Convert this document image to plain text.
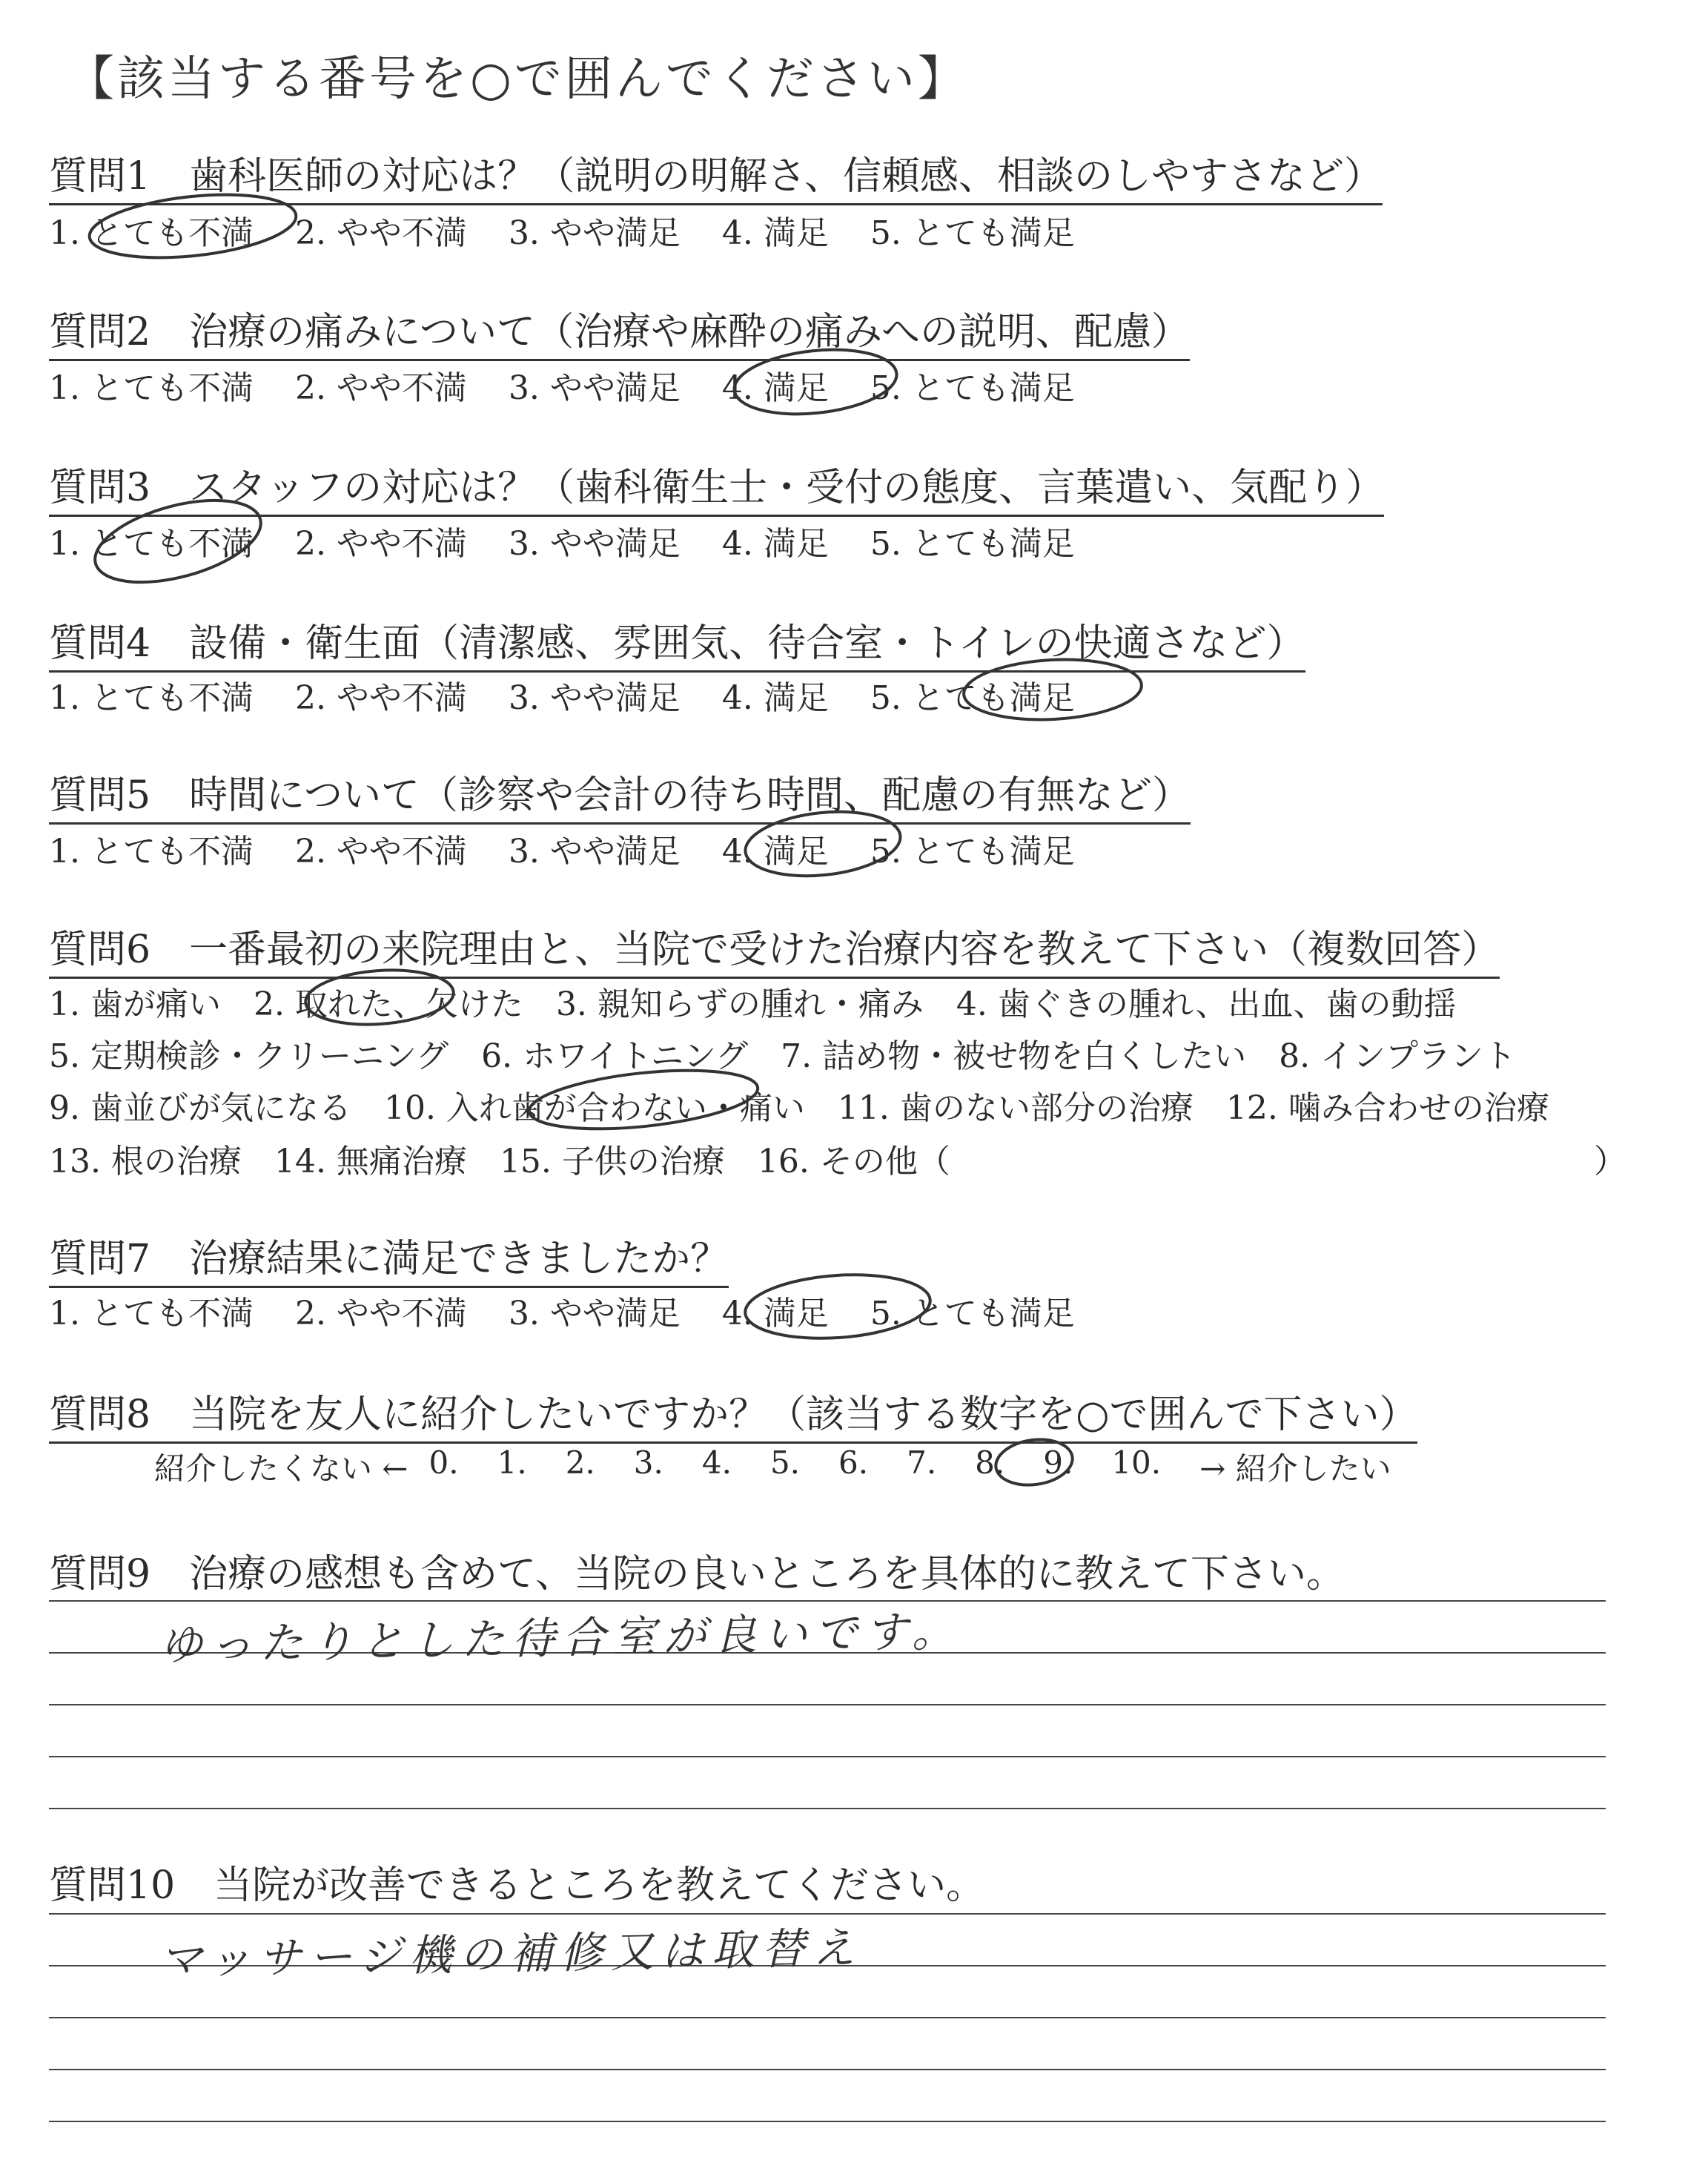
【該当する番号を○で囲んでください】
質問1　歯科医師の対応は？（説明の明解さ、信頼感、相談のしやすさなど）
1. とても不満 2. やや不満 3. やや満足 4. 満足 5. とても満足
質問2　治療の痛みについて（治療や麻酔の痛みへの説明、配慮）
1. とても不満 2. やや不満 3. やや満足 4. 満足 5. とても満足
質問3　スタッフの対応は？（歯科衛生士・受付の態度、言葉遣い、気配り）
1. とても不満 2. やや不満 3. やや満足 4. 満足 5. とても満足
質問4　設備・衛生面（清潔感、雰囲気、待合室・トイレの快適さなど）
1. とても不満 2. やや不満 3. やや満足 4. 満足 5. とても満足
質問5　時間について（診察や会計の待ち時間、配慮の有無など）
1. とても不満 2. やや不満 3. やや満足 4. 満足 5. とても満足
質問6　一番最初の来院理由と、当院で受けた治療内容を教えて下さい（複数回答）
1. 歯が痛い 2. 取れた、欠けた 3. 親知らずの腫れ・痛み 4. 歯ぐきの腫れ、出血、歯の動揺
5. 定期検診・クリーニング 6. ホワイトニング 7. 詰め物・被せ物を白くしたい 8. インプラント
9. 歯並びが気になる 10. 入れ歯が合わない・痛い 11. 歯のない部分の治療 12. 噛み合わせの治療
13. 根の治療 14. 無痛治療 15. 子供の治療 16. その他（	）
質問7　治療結果に満足できましたか？
1. とても不満 2. やや不満 3. やや満足 4. 満足 5. とても満足
質問8　当院を友人に紹介したいですか？（該当する数字を○で囲んで下さい）
紹介したくない ← 0. 1. 2. 3. 4. 5. 6. 7. 8. 9. 10. → 紹介したい
質問9　治療の感想も含めて、当院の良いところを具体的に教えて下さい。
ゆったりとした待合室が良いです。
質問10　当院が改善できるところを教えてください。
マッサージ機の補修又は取替え
